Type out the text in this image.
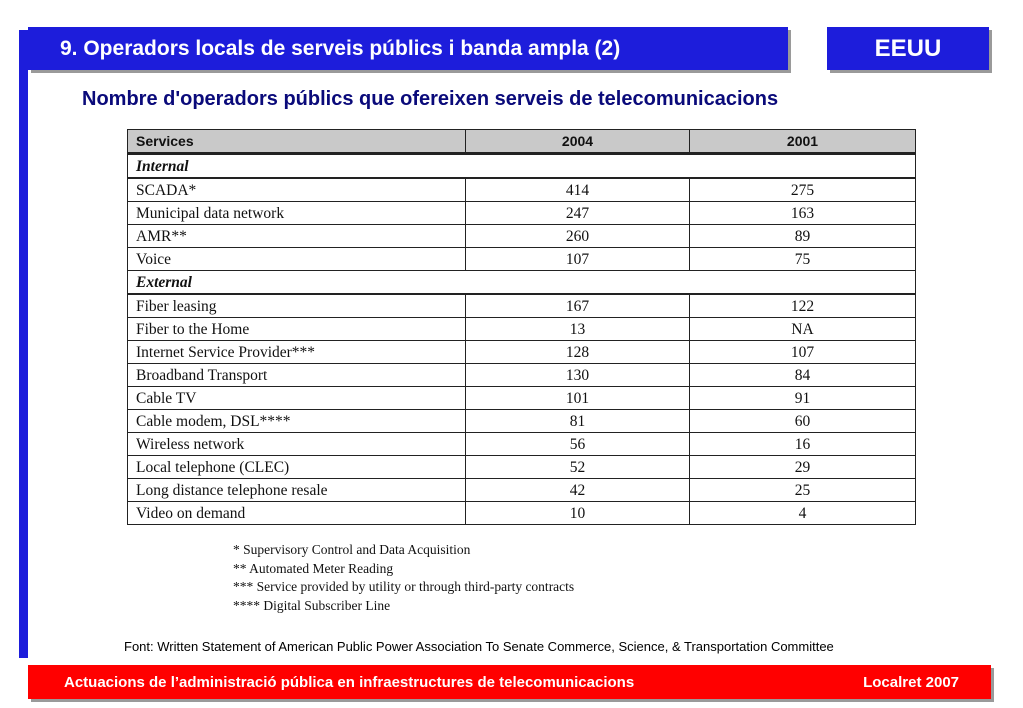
9. Operadors locals de serveis públics i banda ampla (2)	EEUU
Nombre d'operadors públics que ofereixen serveis de telecomunicacions
Services	2004	2001
Internal		
SCADA*	414	275
Municipal data network	247	163
AMR**	260	89
Voice	107	75
External		
Fiber leasing	167	122
Fiber to the Home	13	NA
Internet Service Provider***	128	107
Broadband Transport	130	84
Cable TV	101	91
Cable modem, DSL****	81	60
Wireless network	56	16
Local telephone (CLEC)	52	29
Long distance telephone resale	42	25
Video on demand	10	4
* Supervisory Control and Data Acquisition
** Automated Meter Reading
*** Service provided by utility or through third-party contracts
**** Digital Subscriber Line
Font: Written Statement of American Public Power Association To Senate Commerce, Science, & Transportation Committee
Actuacions de l’administració pública en infraestructures de telecomunicacions	Localret 2007
